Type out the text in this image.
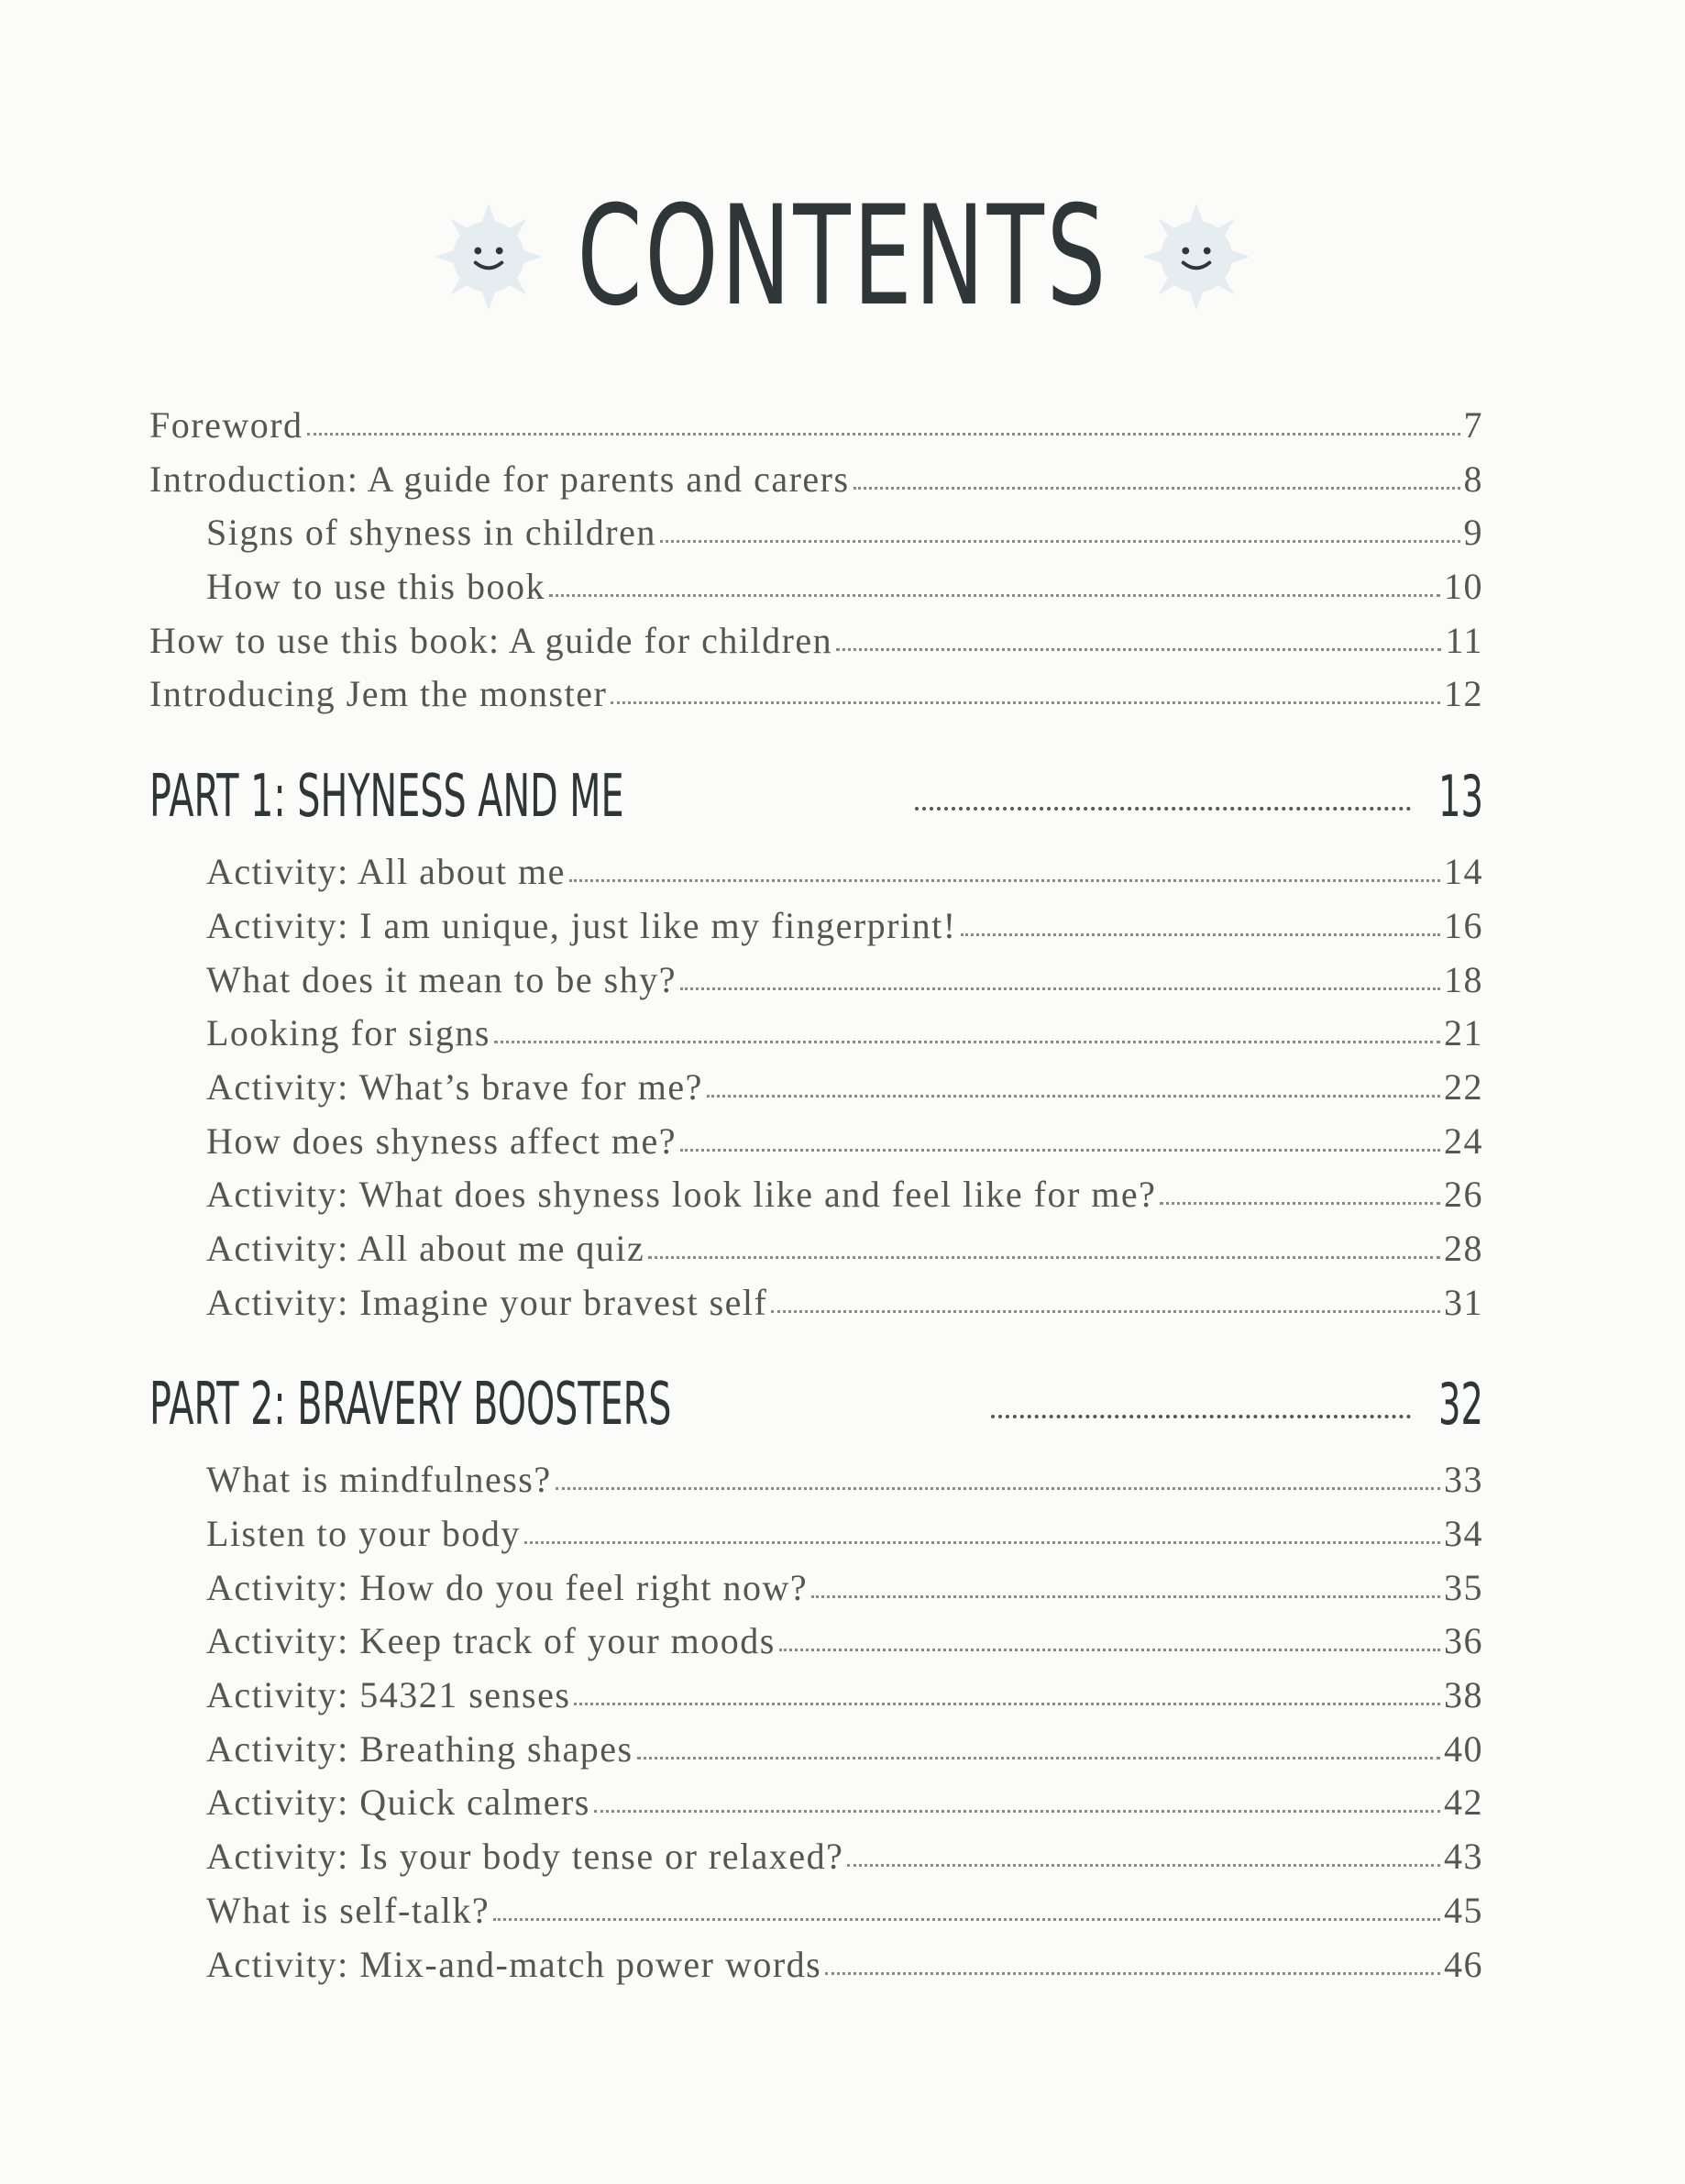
CONTENTS
Foreword	7
Introduction: A guide for parents and carers	8
Signs of shyness in children	9
How to use this book	10
How to use this book: A guide for children	11
Introducing Jem the monster	12
PART 1: SHYNESS AND ME	13
Activity: All about me	14
Activity: I am unique, just like my fingerprint!	16
What does it mean to be shy?	18
Looking for signs	21
Activity: What’s brave for me?	22
How does shyness affect me?	24
Activity: What does shyness look like and feel like for me?	26
Activity: All about me quiz	28
Activity: Imagine your bravest self	31
PART 2: BRAVERY BOOSTERS	32
What is mindfulness?	33
Listen to your body	34
Activity: How do you feel right now?	35
Activity: Keep track of your moods	36
Activity: 54321 senses	38
Activity: Breathing shapes	40
Activity: Quick calmers	42
Activity: Is your body tense or relaxed?	43
What is self-talk?	45
Activity: Mix-and-match power words	46
